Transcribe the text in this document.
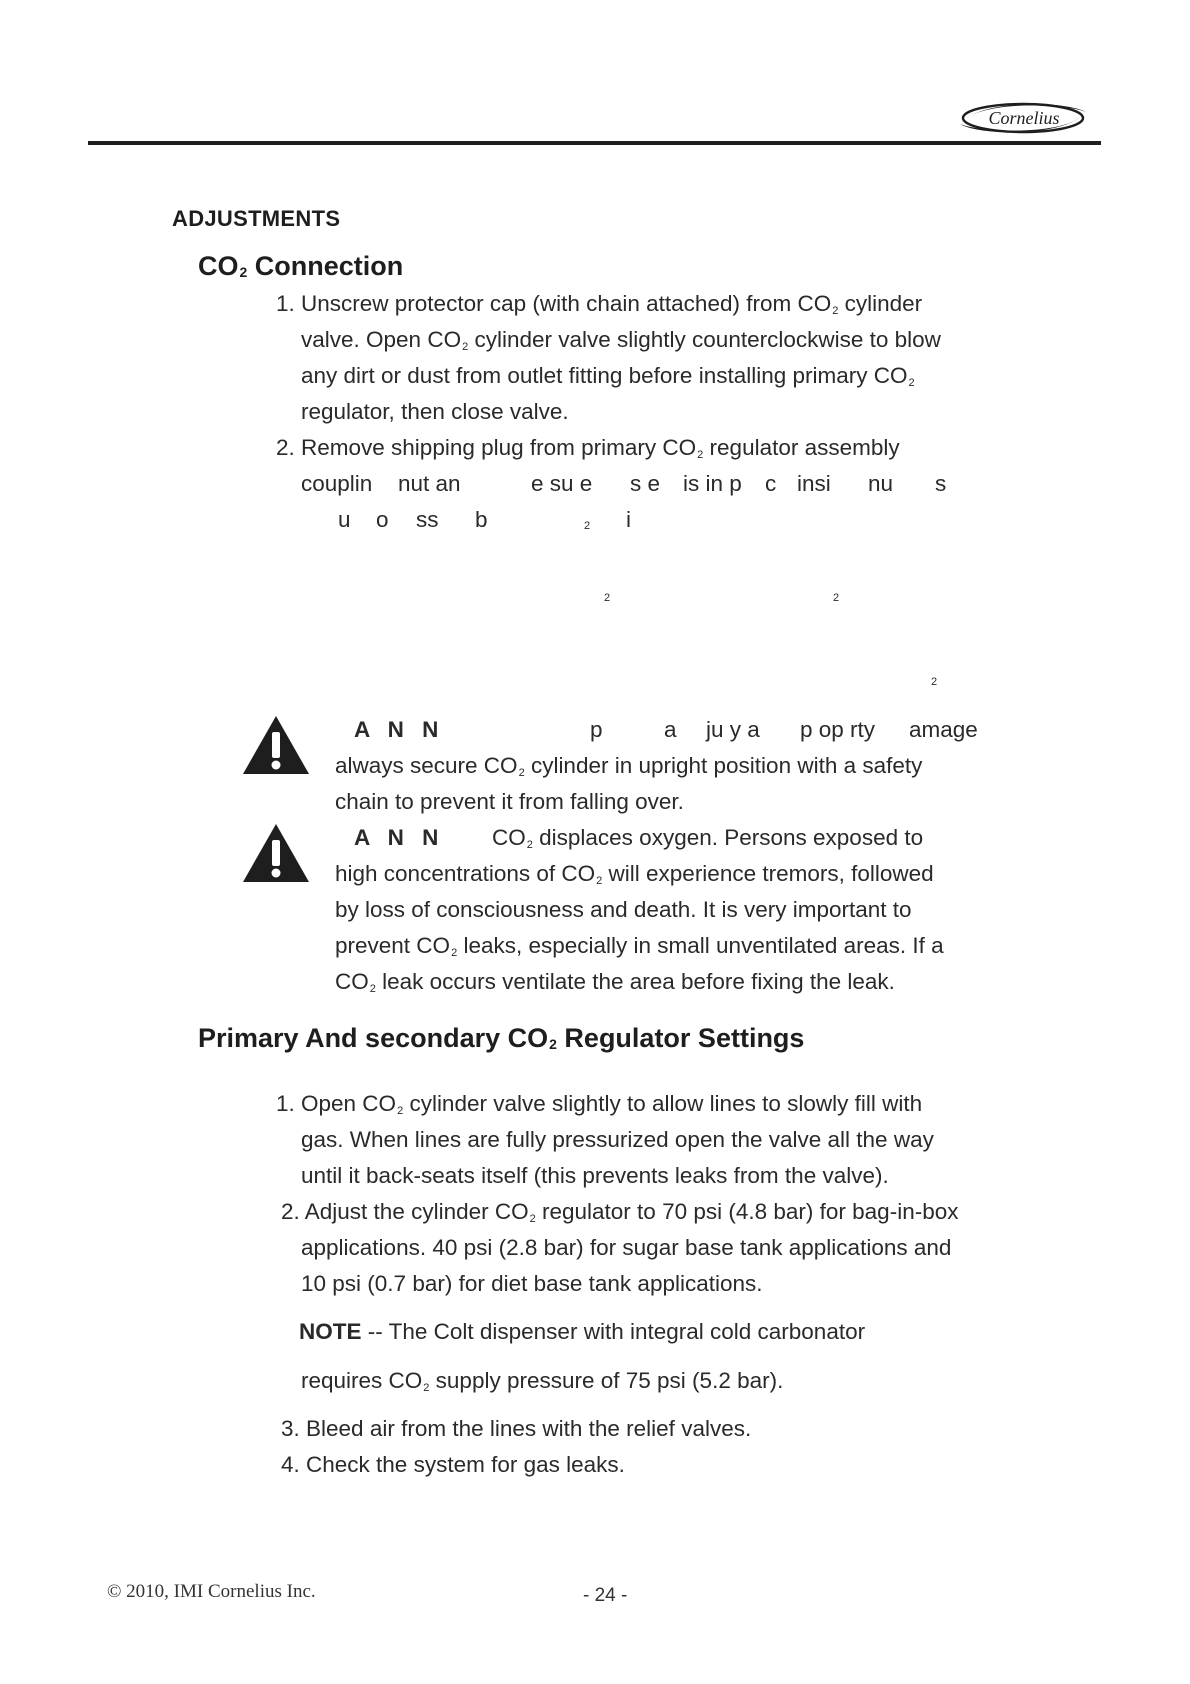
Cornelius
ADJUSTMENTS
CO2 Connection
1. Unscrew protector cap (with chain attached) from CO2 cylinder
valve. Open CO2 cylinder valve slightly counterclockwise to blow
any dirt or dust from outlet fitting before installing primary CO2
regulator, then close valve.
2. Remove shipping plug from primary CO2 regulator assembly
couplin nut an	e su e s e is in p c insi nu s
u o ss b	2 i
2	2
2
A N N	p	a ju y a p op rty amage
always secure CO2 cylinder in upright position with a safety
chain to prevent it from falling over.
A N N CO2 displaces oxygen. Persons exposed to
high concentrations of CO2 will experience tremors, followed
by loss of consciousness and death. It is very important to
prevent CO2 leaks, especially in small unventilated areas. If a
CO2 leak occurs ventilate the area before fixing the leak.
Primary And secondary CO2 Regulator Settings
1. Open CO2 cylinder valve slightly to allow lines to slowly fill with
gas. When lines are fully pressurized open the valve all the way
until it back-seats itself (this prevents leaks from the valve).
2. Adjust the cylinder CO2 regulator to 70 psi (4.8 bar) for bag-in-box
applications. 40 psi (2.8 bar) for sugar base tank applications and
10 psi (0.7 bar) for diet base tank applications.
NOTE -- The Colt dispenser with integral cold carbonator
requires CO2 supply pressure of 75 psi (5.2 bar).
3. Bleed air from the lines with the relief valves.
4. Check the system for gas leaks.
© 2010, IMI Cornelius Inc.	- 24 -
